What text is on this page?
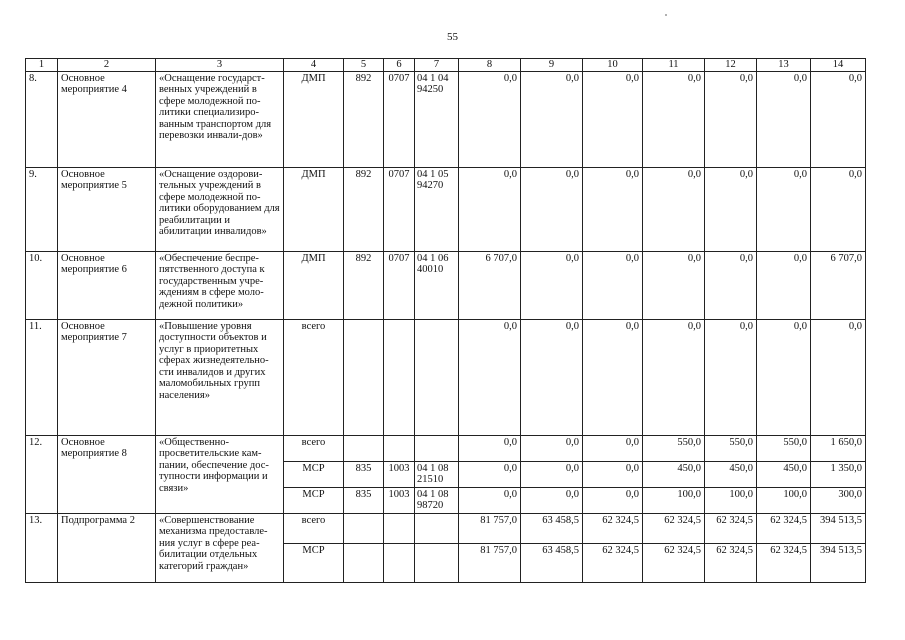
55
1	2	3	4	5	6	7	8	9	10	11	12	13	14
8.	Основное мероприятие 4	«Оснащение государст-венных учреждений в сфере молодежной по-литики специализиро-ванным транспортом для перевозки инвали-дов»	ДМП	892	0707	04 1 04 94250	0,0	0,0	0,0	0,0	0,0	0,0	0,0
9.	Основное мероприятие 5	«Оснащение оздорови-тельных учреждений в сфере молодежной по-литики оборудованием для реабилитации и абилитации инвалидов»	ДМП	892	0707	04 1 05 94270	0,0	0,0	0,0	0,0	0,0	0,0	0,0
10.	Основное мероприятие 6	«Обеспечение беспре-пятственного доступа к государственным учре-ждениям в сфере моло-дежной политики»	ДМП	892	0707	04 1 06 40010	6 707,0	0,0	0,0	0,0	0,0	0,0	6 707,0
11.	Основное мероприятие 7	«Повышение уровня доступности объектов и услуг в приоритетных сферах жизнедеятельно-сти инвалидов и других маломобильных групп населения»	всего				0,0	0,0	0,0	0,0	0,0	0,0	0,0
12.	Основное мероприятие 8	«Общественно-просветительские кам-пании, обеспечение дос-тупности информации и связи»	всего				0,0	0,0	0,0	550,0	550,0	550,0	1 650,0
			МСР	835	1003	04 1 08 21510	0,0	0,0	0,0	450,0	450,0	450,0	1 350,0
			МСР	835	1003	04 1 08 98720	0,0	0,0	0,0	100,0	100,0	100,0	300,0
13.	Подпрограмма 2	«Совершенствование механизма предоставле-ния услуг в сфере реа-билитации отдельных категорий граждан»	всего				81 757,0	63 458,5	62 324,5	62 324,5	62 324,5	62 324,5	394 513,5
			МСР				81 757,0	63 458,5	62 324,5	62 324,5	62 324,5	62 324,5	394 513,5
